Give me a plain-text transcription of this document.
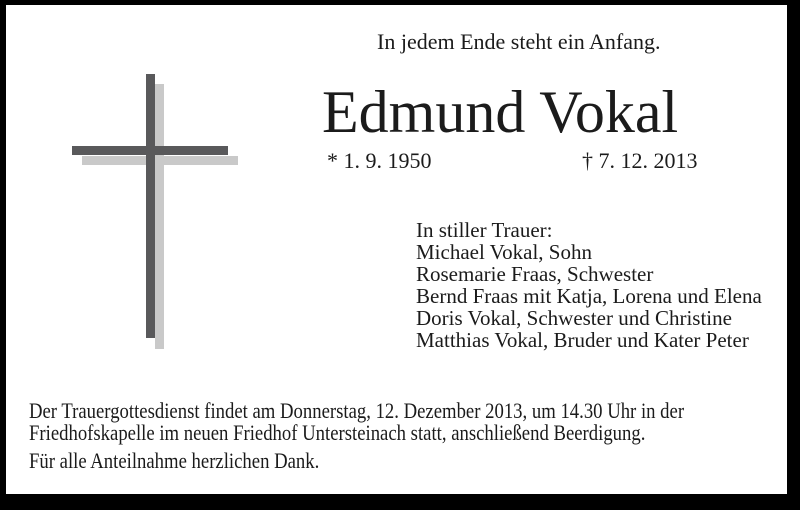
In jedem Ende steht ein Anfang.
Edmund Vokal
* 1. 9. 1950	† 7. 12. 2013
In stiller Trauer:
Michael Vokal, Sohn
Rosemarie Fraas, Schwester
Bernd Fraas mit Katja, Lorena und Elena
Doris Vokal, Schwester und Christine
Matthias Vokal, Bruder und Kater Peter
Der Trauergottesdienst findet am Donnerstag, 12. Dezember 2013, um 14.30 Uhr in der
Friedhofskapelle im neuen Friedhof Untersteinach statt, anschließend Beerdigung.
Für alle Anteilnahme herzlichen Dank.
